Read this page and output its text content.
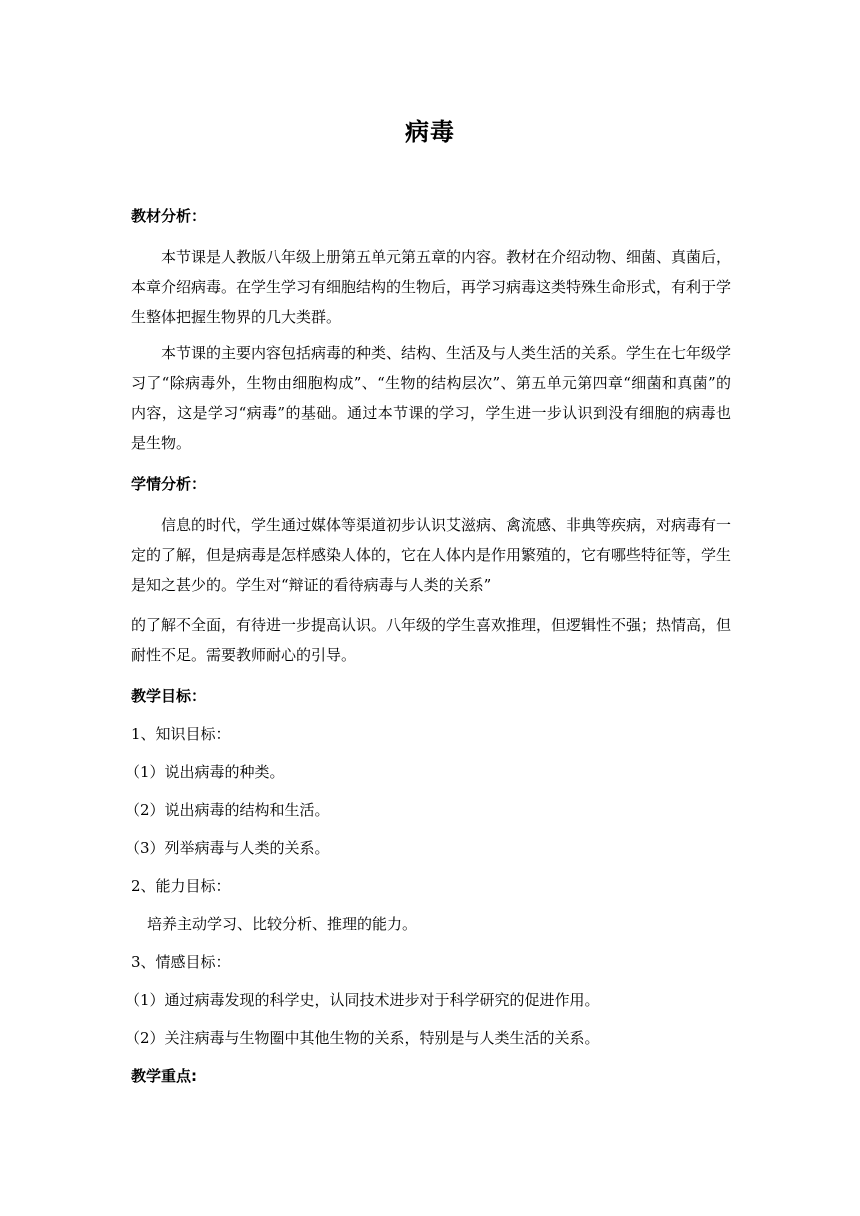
病毒
教材分析：

本节课是人教版八年级上册第五单元第五章的内容。教材在介绍动物、细菌、真菌后，本章介绍病毒。在学生学习有细胞结构的生物后，再学习病毒这类特殊生命形式，有利于学生整体把握生物界的几大类群。

本节课的主要内容包括病毒的种类、结构、生活及与人类生活的关系。学生在七年级学习了“除病毒外，生物由细胞构成”、“生物的结构层次”、第五单元第四章“细菌和真菌”的内容，这是学习“病毒”的基础。通过本节课的学习，学生进一步认识到没有细胞的病毒也是生物。

学情分析：

信息的时代，学生通过媒体等渠道初步认识艾滋病、禽流感、非典等疾病，对病毒有一定的了解，但是病毒是怎样感染人体的，它在人体内是作用繁殖的，它有哪些特征等，学生是知之甚少的。学生对“辩证的看待病毒与人类的关系”

的了解不全面，有待进一步提高认识。八年级的学生喜欢推理，但逻辑性不强；热情高，但耐性不足。需要教师耐心的引导。

教学目标：
1、知识目标：
（1）说出病毒的种类。
（2）说出病毒的结构和生活。
（3）列举病毒与人类的关系。
2、能力目标：
培养主动学习、比较分析、推理的能力。
3、情感目标：
（1）通过病毒发现的科学史，认同技术进步对于科学研究的促进作用。
（2）关注病毒与生物圈中其他生物的关系，特别是与人类生活的关系。
教学重点:
